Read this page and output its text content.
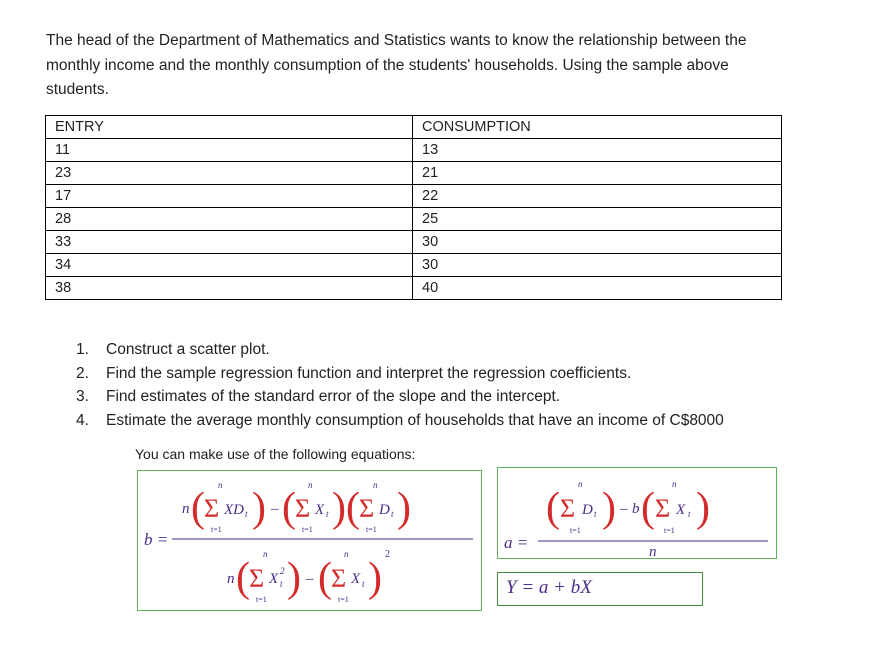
The head of the Department of Mathematics and Statistics wants to know the relationship between the monthly income and the monthly consumption of the students' households. Using the sample above students.

ENTRY	CONSUMPTION
11	13
23	21
17	22
28	25
33	30
34	30
38	40
1. Construct a scatter plot.
2. Find the sample regression function and interpret the regression coefficients.
3. Find estimates of the standard error of the slope and the intercept.
4. Estimate the average monthly consumption of households that have an income of C$8000
You can make use of the following equations:
b =
n ( n
Σ
t=1
XD t ) – ( n
Σ
t=1
X t ) ( n
Σ
t=1
D t )
n (
n
Σ
t=1
X 2
t ) – (
n
Σ
t=1
X t )
2
a =
(
n
Σ
t=1
D t ) – b (
n
Σ
t=1
X t )
n
Y = a + bX
